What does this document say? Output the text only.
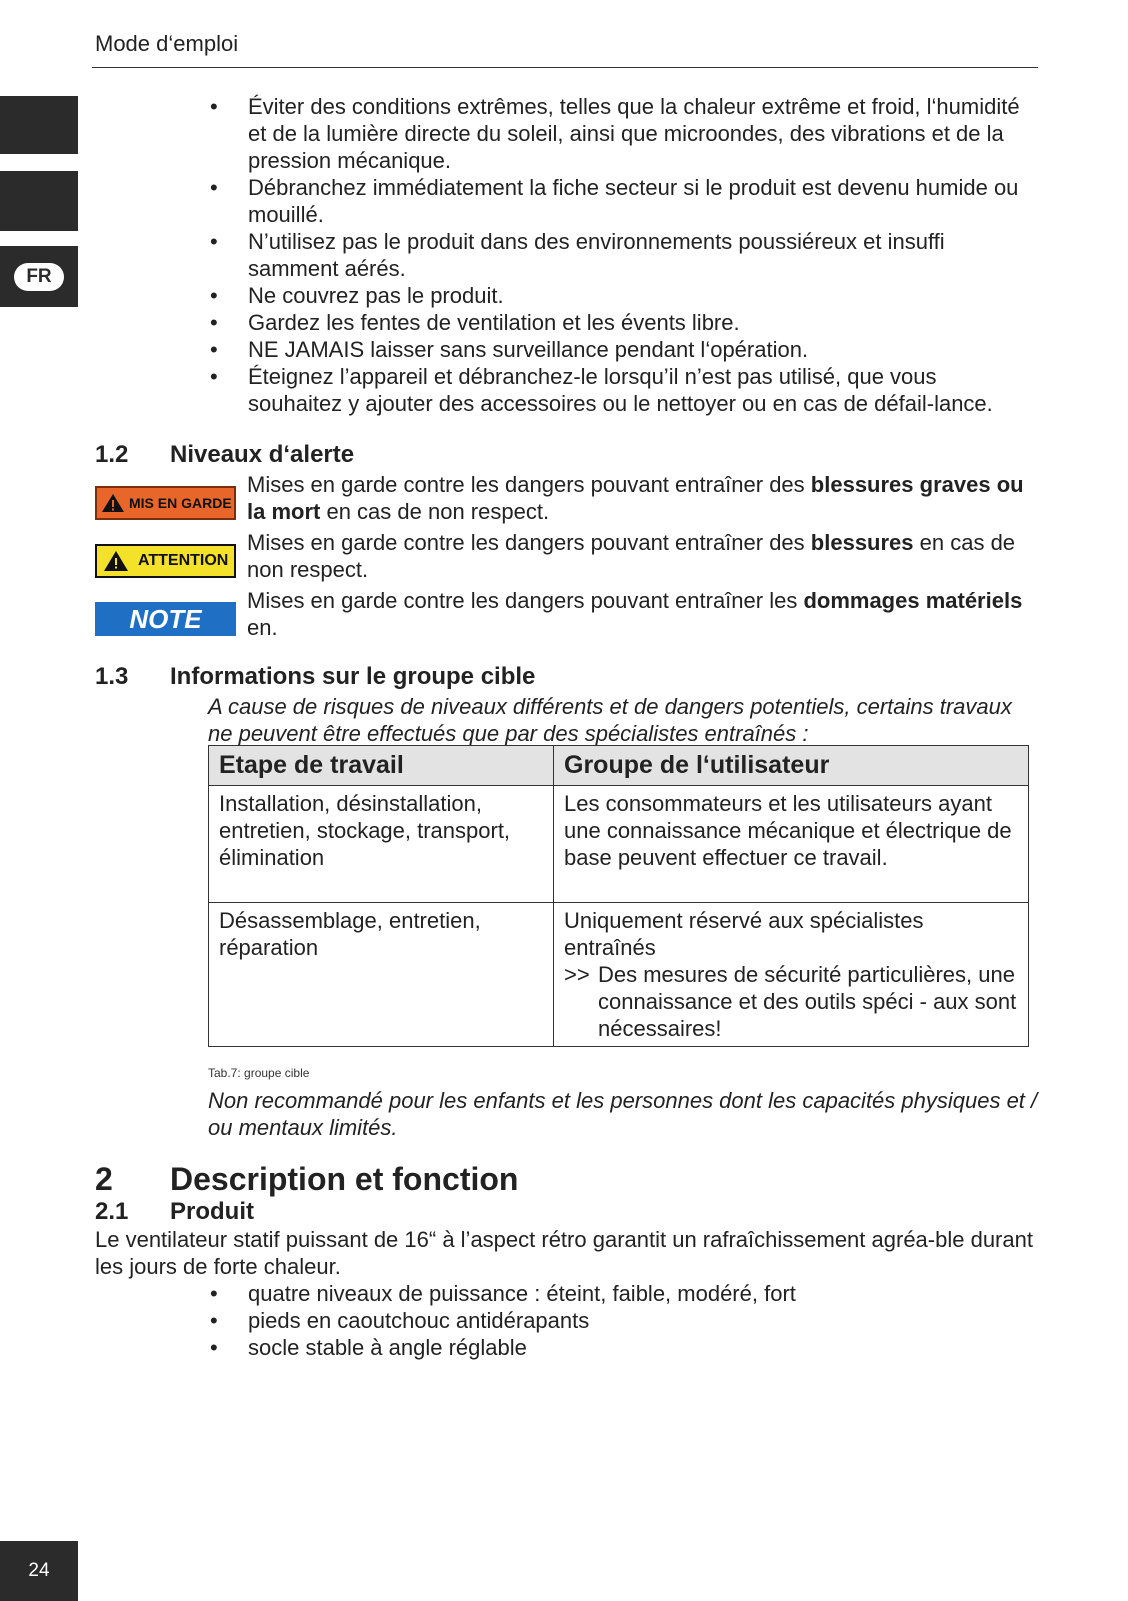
Mode d‘emploi
FR
24
• Éviter des conditions extrêmes, telles que la chaleur extrême et froid, l‘humidité et de la lumière directe du soleil, ainsi que microondes, des vibrations et de la pression mécanique.
• Débranchez immédiatement la fiche secteur si le produit est devenu humide ou mouillé.
• N’utilisez pas le produit dans des environnements poussiéreux et insuffi samment aérés.
• Ne couvrez pas le produit.
• Gardez les fentes de ventilation et les évents libre.
• NE JAMAIS laisser sans surveillance pendant l‘opération.
• Éteignez l’appareil et débranchez-le lorsqu’il n’est pas utilisé, que vous souhaitez y ajouter des accessoires ou le nettoyer ou en cas de défail-lance.
1.2 Niveaux d‘alerte
MIS EN GARDE
Mises en garde contre les dangers pouvant entraîner des blessures graves ou la mort en cas de non respect.
ATTENTION
Mises en garde contre les dangers pouvant entraîner des blessures en cas de non respect.
NOTE
Mises en garde contre les dangers pouvant entraîner les dommages matériels en.
1.3 Informations sur le groupe cible
A cause de risques de niveaux différents et de dangers potentiels, certains travaux ne peuvent être effectués que par des spécialistes entraînés :
Etape de travail	Groupe de l‘utilisateur
Installation, désinstallation, entretien, stockage, transport, élimination	Les consommateurs et les utilisateurs ayant une connaissance mécanique et électrique de base peuvent effectuer ce travail.
Désassemblage, entretien, réparation	Uniquement réservé aux spécialistes entraînés
>> Des mesures de sécurité particulières, une connaissance et des outils spéci - aux sont nécessaires!
Tab.7: groupe cible
Non recommandé pour les enfants et les personnes dont les capacités physiques et / ou mentaux limités.
2 Description et fonction
2.1 Produit
Le ventilateur statif puissant de 16“ à l’aspect rétro garantit un rafraîchissement agréa-ble durant les jours de forte chaleur.
• quatre niveaux de puissance : éteint, faible, modéré, fort
• pieds en caoutchouc antidérapants
• socle stable à angle réglable
